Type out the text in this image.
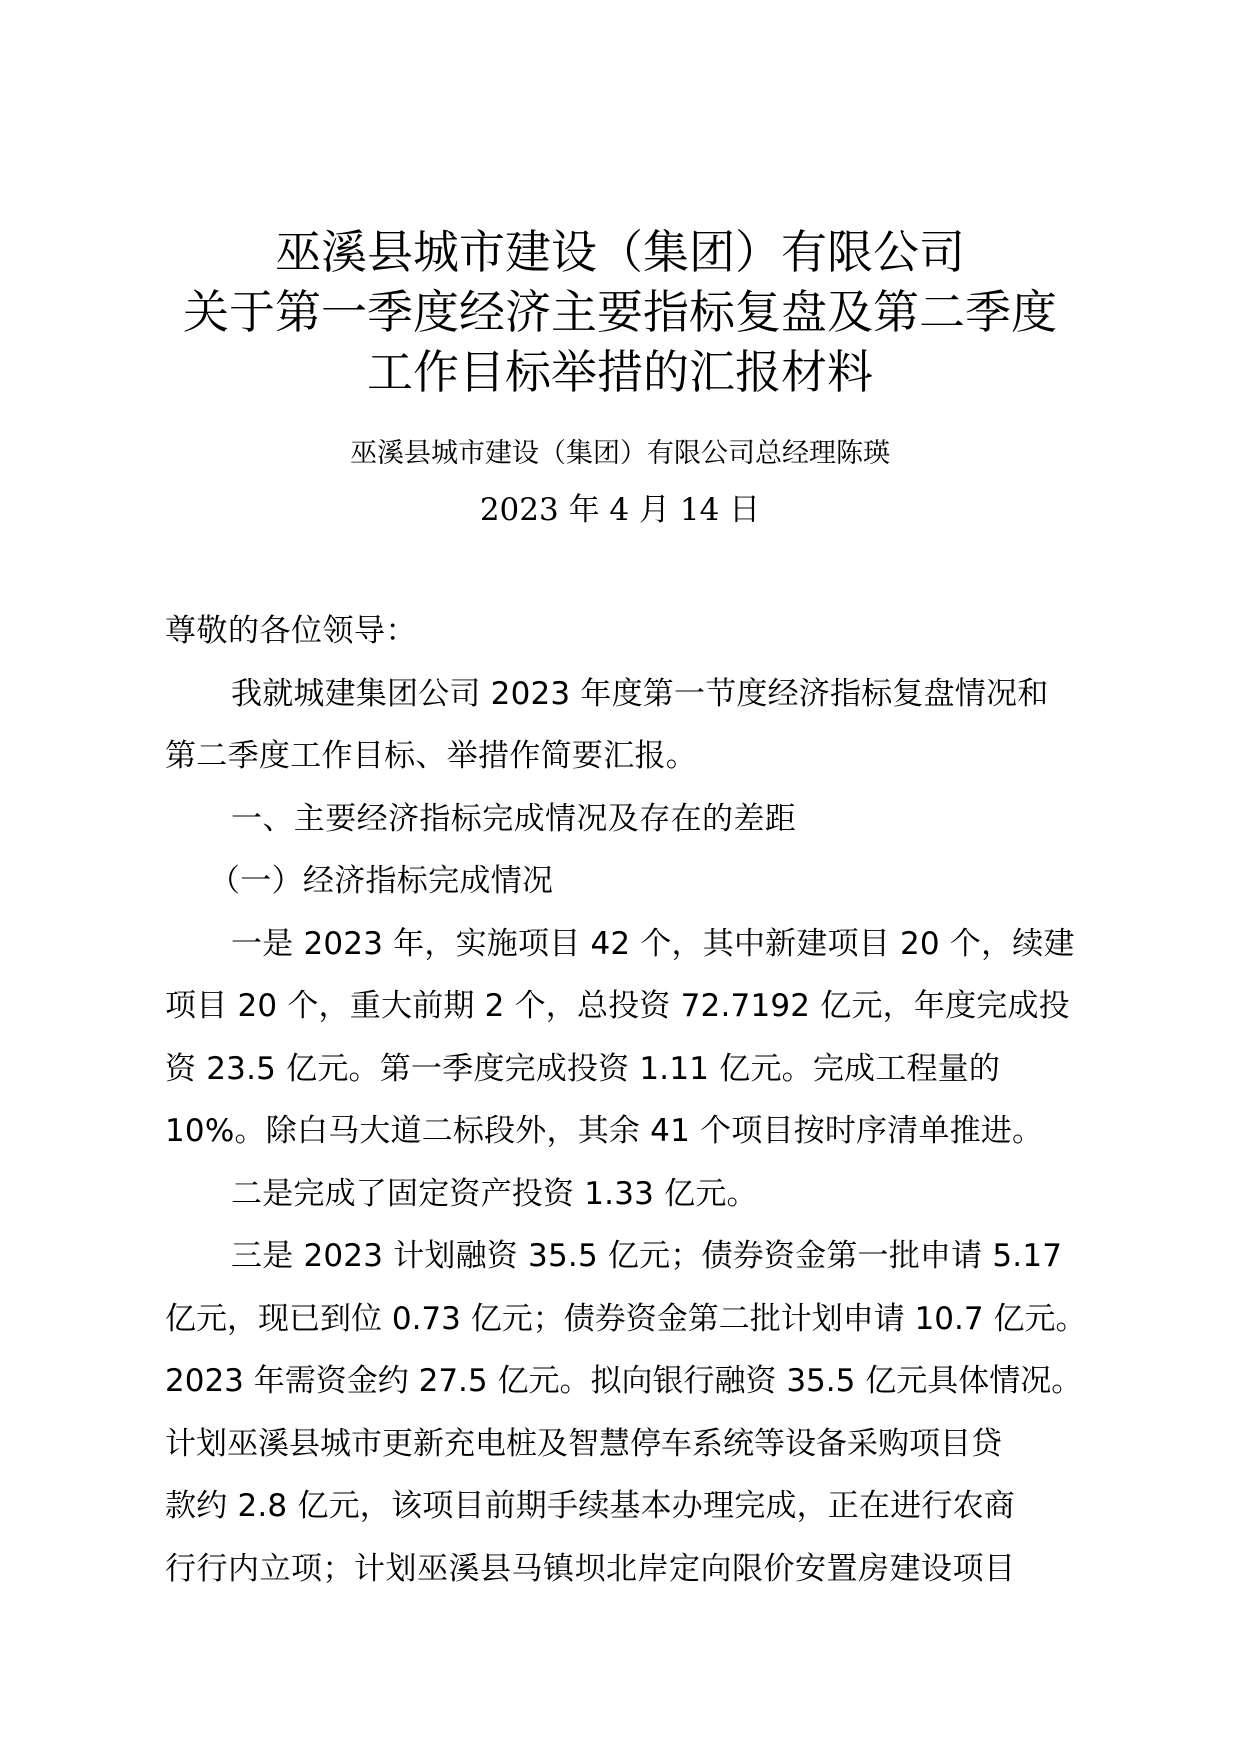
巫溪县城市建设（集团）有限公司
关于第一季度经济主要指标复盘及第二季度
工作目标举措的汇报材料
巫溪县城市建设（集团）有限公司总经理陈瑛
2023 年 4 月 14 日
尊敬的各位领导：
我就城建集团公司 2023 年度第一节度经济指标复盘情况和
第二季度工作目标、举措作简要汇报。
一、主要经济指标完成情况及存在的差距
（一）经济指标完成情况
一是 2023 年，实施项目 42 个，其中新建项目 20 个，续建
项目 20 个，重大前期 2 个，总投资 72.7192 亿元，年度完成投
资 23.5 亿元。第一季度完成投资 1.11 亿元。完成工程量的
10%。除白马大道二标段外，其余 41 个项目按时序清单推进。
二是完成了固定资产投资 1.33 亿元。
三是 2023 计划融资 35.5 亿元；债券资金第一批申请 5.17
亿元，现已到位 0.73 亿元；债券资金第二批计划申请 10.7 亿元。
2023 年需资金约 27.5 亿元。拟向银行融资 35.5 亿元具体情况。
计划巫溪县城市更新充电桩及智慧停车系统等设备采购项目贷
款约 2.8 亿元，该项目前期手续基本办理完成，正在进行农商
行行内立项；计划巫溪县马镇坝北岸定向限价安置房建设项目
